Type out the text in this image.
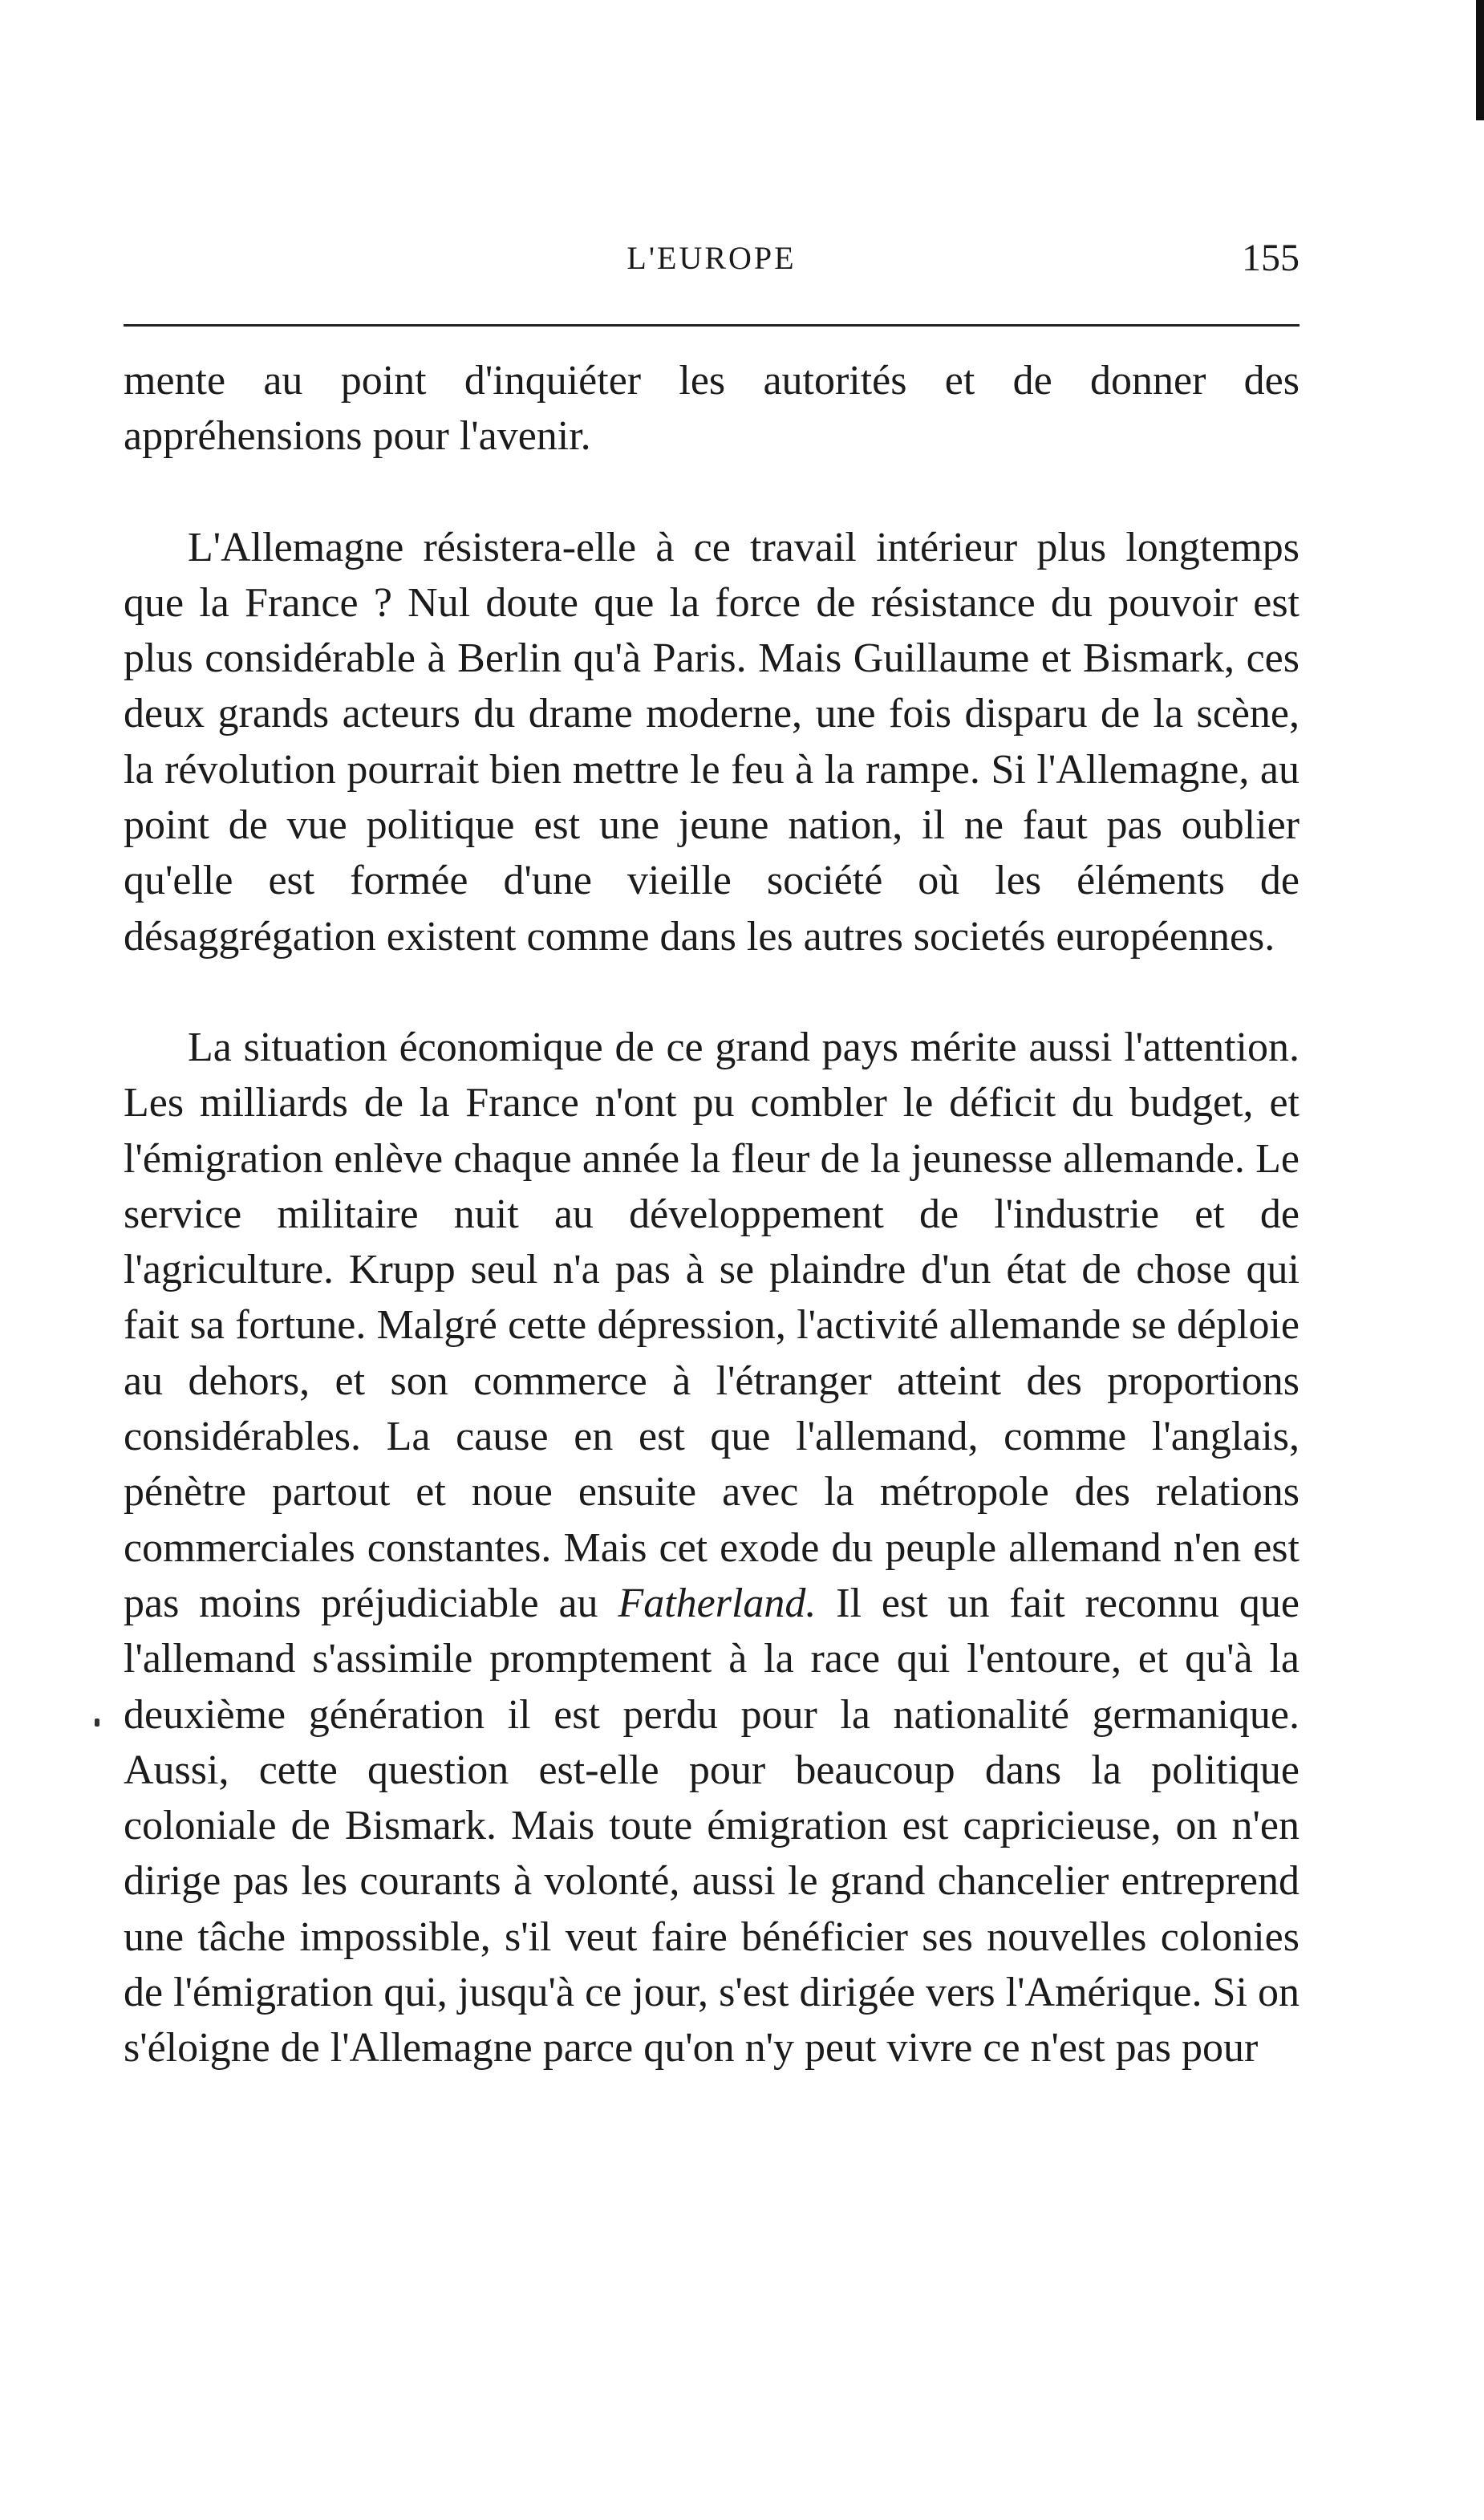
L'EUROPE	155

mente au point d'inquiéter les autorités et de donner des appréhensions pour l'avenir.

L'Allemagne résistera-elle à ce travail intérieur plus longtemps que la France ? Nul doute que la force de résistance du pouvoir est plus considérable à Berlin qu'à Paris. Mais Guillaume et Bismark, ces deux grands acteurs du drame moderne, une fois disparu de la scène, la révolution pourrait bien mettre le feu à la rampe. Si l'Allemagne, au point de vue politique est une jeune nation, il ne faut pas oublier qu'elle est formée d'une vieille société où les éléments de désaggrégation existent comme dans les autres societés européennes.

La situation économique de ce grand pays mérite aussi l'attention. Les milliards de la France n'ont pu combler le déficit du budget, et l'émigration enlève chaque année la fleur de la jeunesse allemande. Le service militaire nuit au développement de l'industrie et de l'agriculture. Krupp seul n'a pas à se plaindre d'un état de chose qui fait sa fortune. Malgré cette dépression, l'activité allemande se déploie au dehors, et son commerce à l'étranger atteint des proportions considérables. La cause en est que l'allemand, comme l'anglais, pénètre partout et noue ensuite avec la métropole des relations commerciales constantes. Mais cet exode du peuple allemand n'en est pas moins préjudiciable au Fatherland. Il est un fait reconnu que l'allemand s'assimile promptement à la race qui l'entoure, et qu'à la deuxième génération il est perdu pour la nationalité germanique. Aussi, cette question est-elle pour beaucoup dans la politique coloniale de Bismark. Mais toute émigration est capricieuse, on n'en dirige pas les courants à volonté, aussi le grand chancelier entreprend une tâche impossible, s'il veut faire bénéficier ses nouvelles colonies de l'émigration qui, jusqu'à ce jour, s'est dirigée vers l'Amérique. Si on s'éloigne de l'Allemagne parce qu'on n'y peut vivre ce n'est pas pour
